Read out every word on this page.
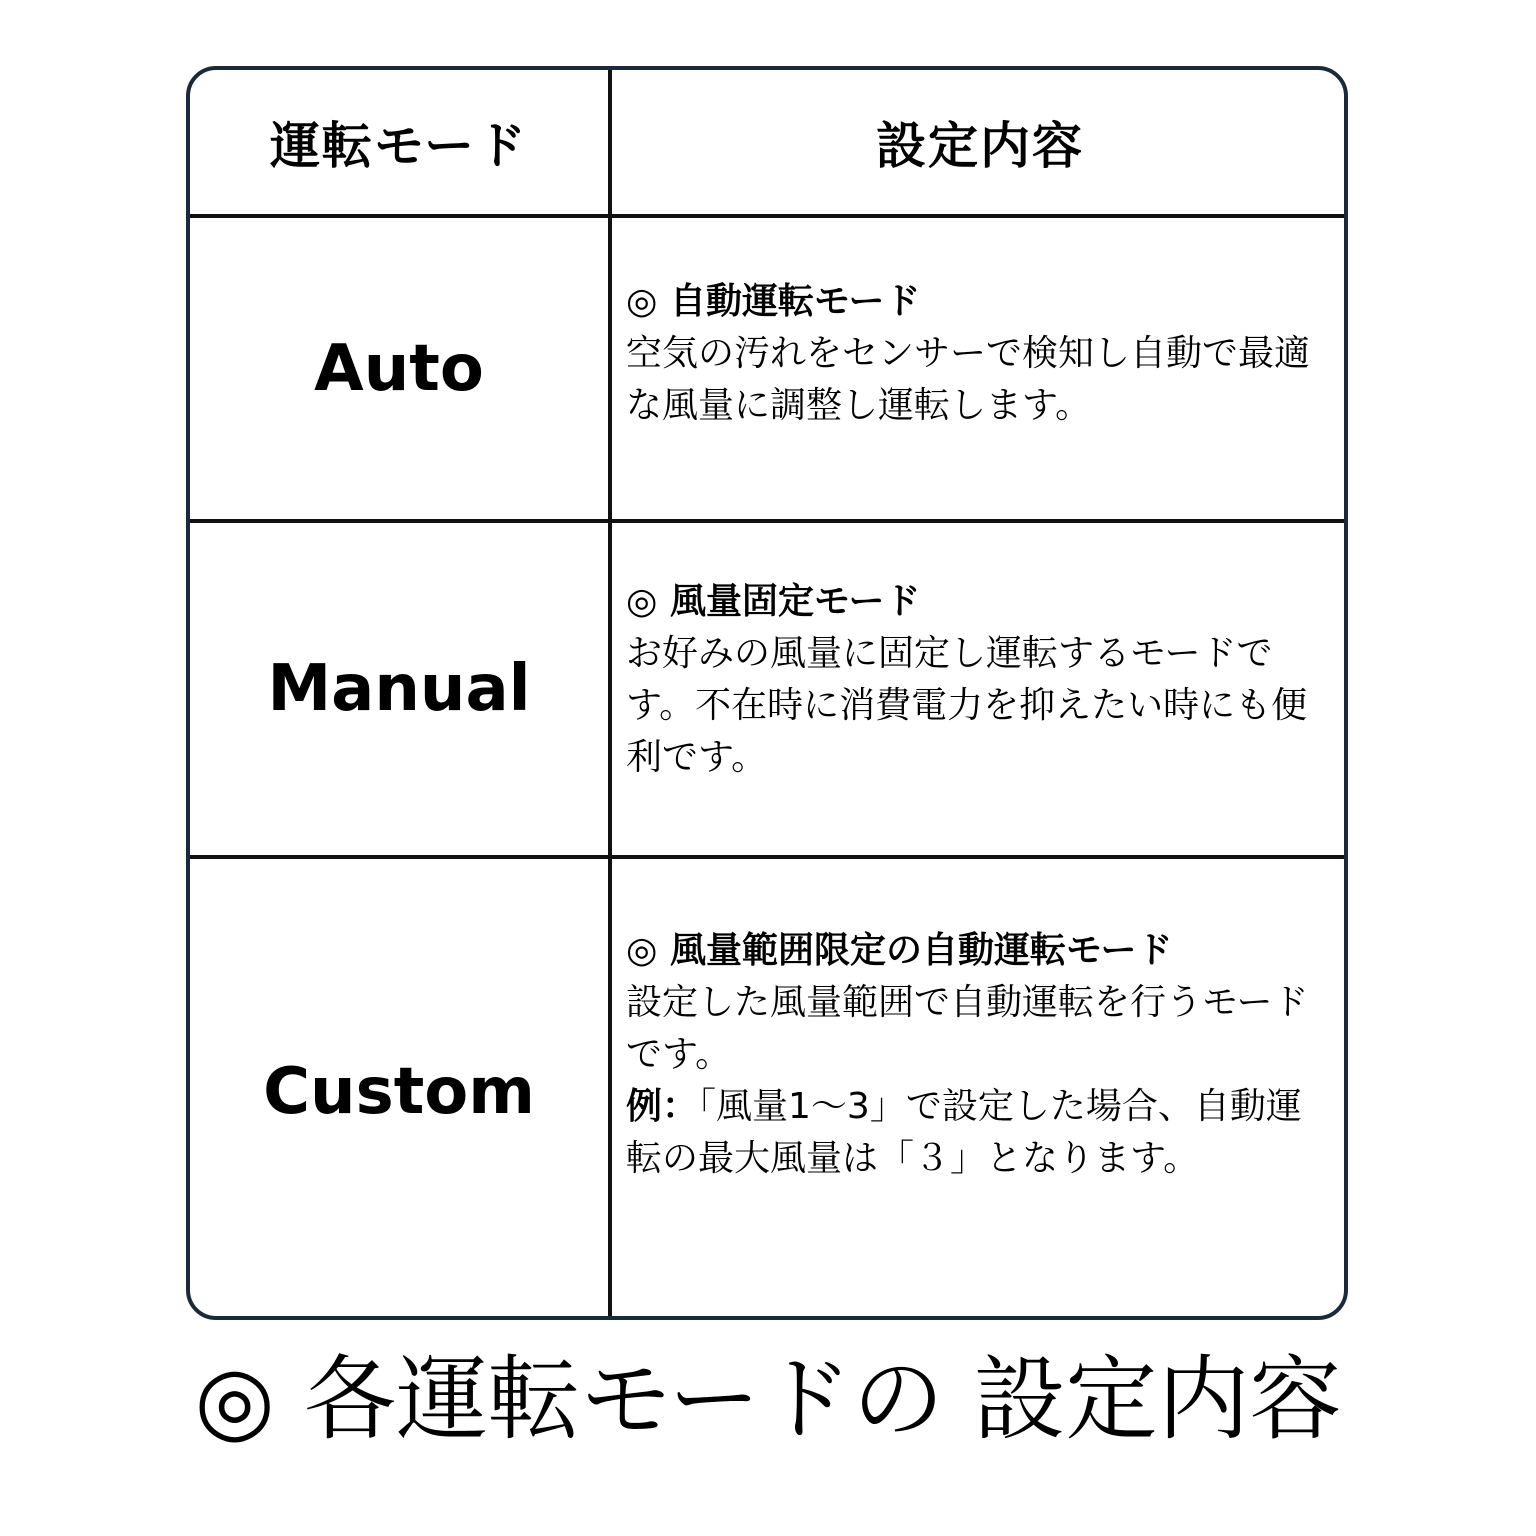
運転モード	設定内容
Auto
◎ 自動運転モード
空気の汚れをセンサーで検知し自動で最適な風量に調整し運転します。
Manual
◎ 風量固定モード
お好みの風量に固定し運転するモードです。不在時に消費電力を抑えたい時にも便利です。
Custom
◎ 風量範囲限定の自動運転モード
設定した風量範囲で自動運転を行うモードです。
例：「風量1～3」で設定した場合、自動運転の最大風量は「３」となります。
◎ 各運転モードの 設定内容
